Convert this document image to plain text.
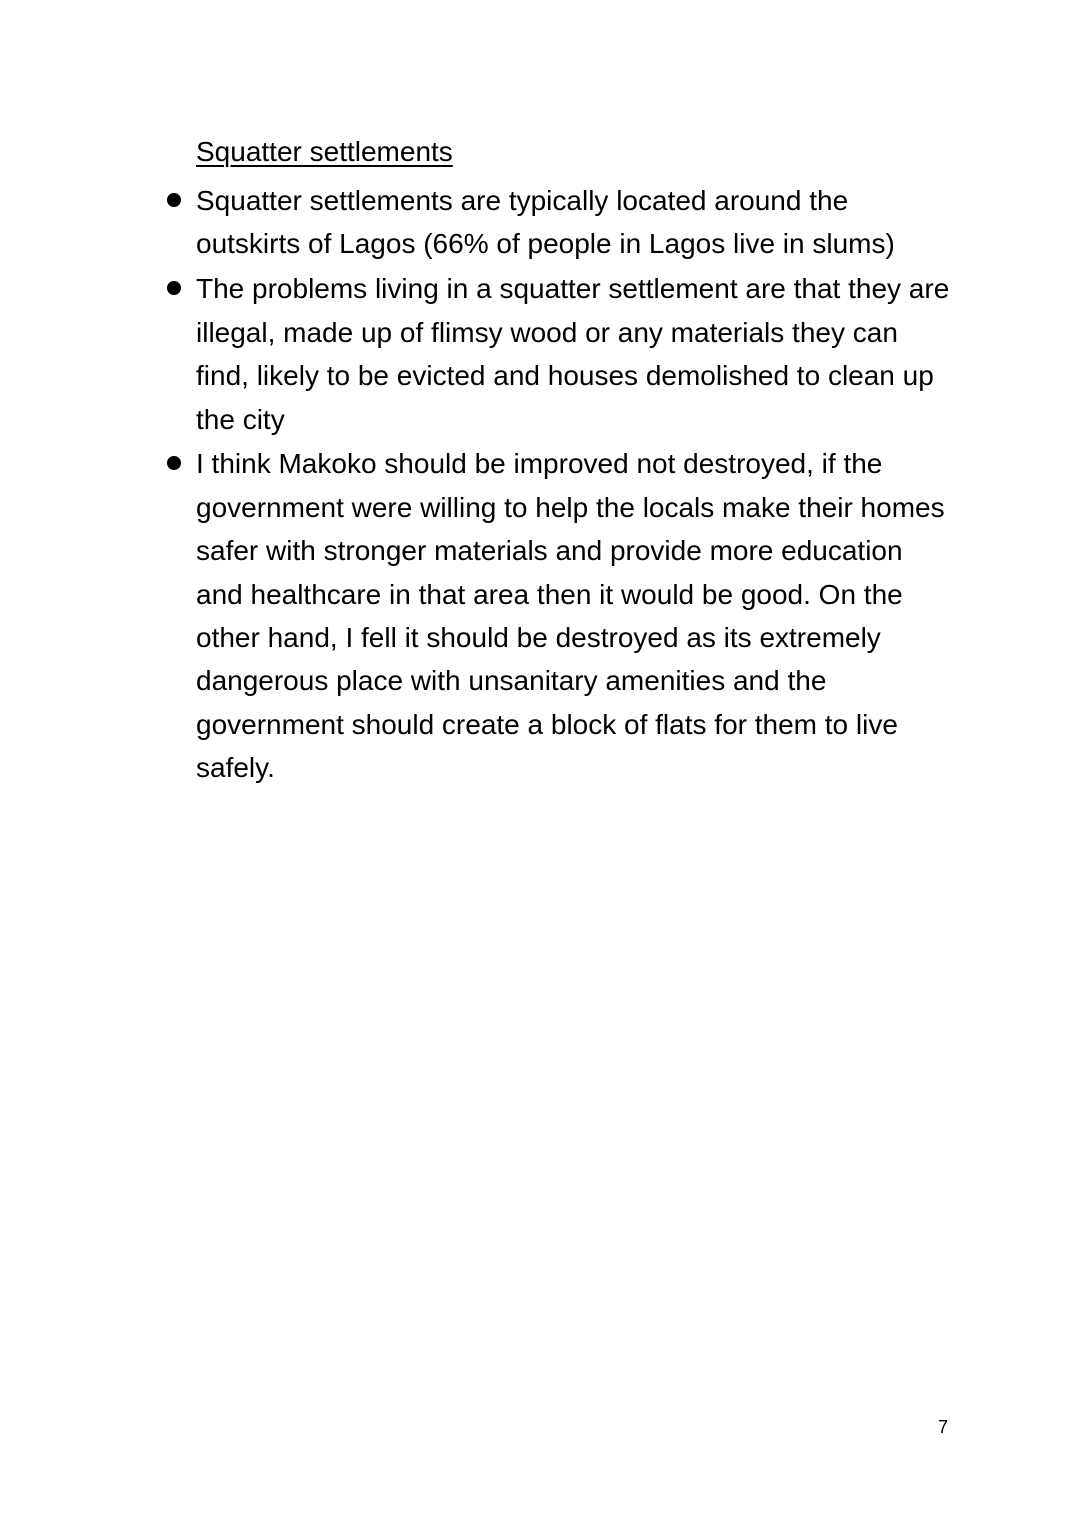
Squatter settlements
Squatter settlements are typically located around the outskirts of Lagos (66% of people in Lagos live in slums)
The problems living in a squatter settlement are that they are illegal, made up of flimsy wood or any materials they can find, likely to be evicted and houses demolished to clean up the city
I think Makoko should be improved not destroyed, if the government were willing to help the locals make their homes safer with stronger materials and provide more education and healthcare in that area then it would be good. On the other hand, I fell it should be destroyed as its extremely dangerous place with unsanitary amenities and the government should create a block of flats for them to live safely.
7
